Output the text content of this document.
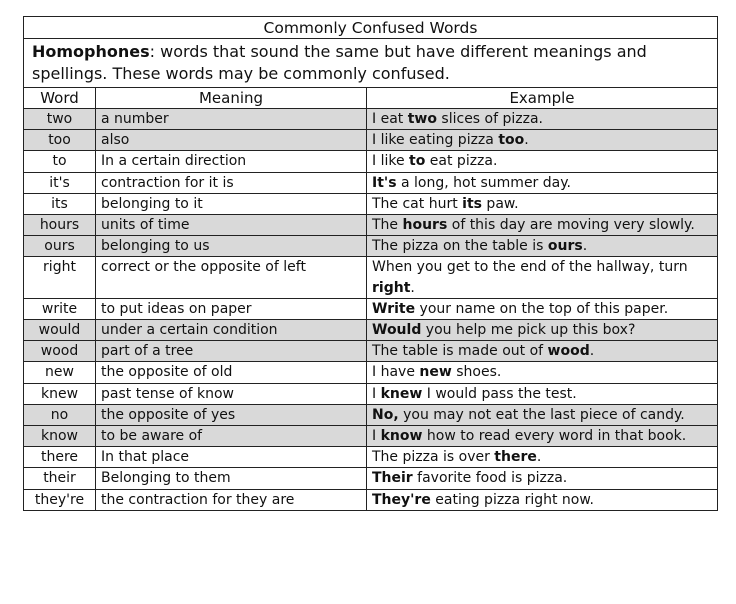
Commonly Confused Words		
Homophones: words that sound the same but have different meanings and spellings. These words may be commonly confused.		
Word	Meaning	Example
two	a number	I eat two slices of pizza.
too	also	I like eating pizza too.
to	In a certain direction	I like to eat pizza.
it's	contraction for it is	It's a long, hot summer day.
its	belonging to it	The cat hurt its paw.
hours	units of time	The hours of this day are moving very slowly.
ours	belonging to us	The pizza on the table is ours.
right	correct or the opposite of left	When you get to the end of the hallway, turn right.
write	to put ideas on paper	Write your name on the top of this paper.
would	under a certain condition	Would you help me pick up this box?
wood	part of a tree	The table is made out of wood.
new	the opposite of old	I have new shoes.
knew	past tense of know	I knew I would pass the test.
no	the opposite of yes	No, you may not eat the last piece of candy.
know	to be aware of	I know how to read every word in that book.
there	In that place	The pizza is over there.
their	Belonging to them	Their favorite food is pizza.
they're	the contraction for they are	They're eating pizza right now.
